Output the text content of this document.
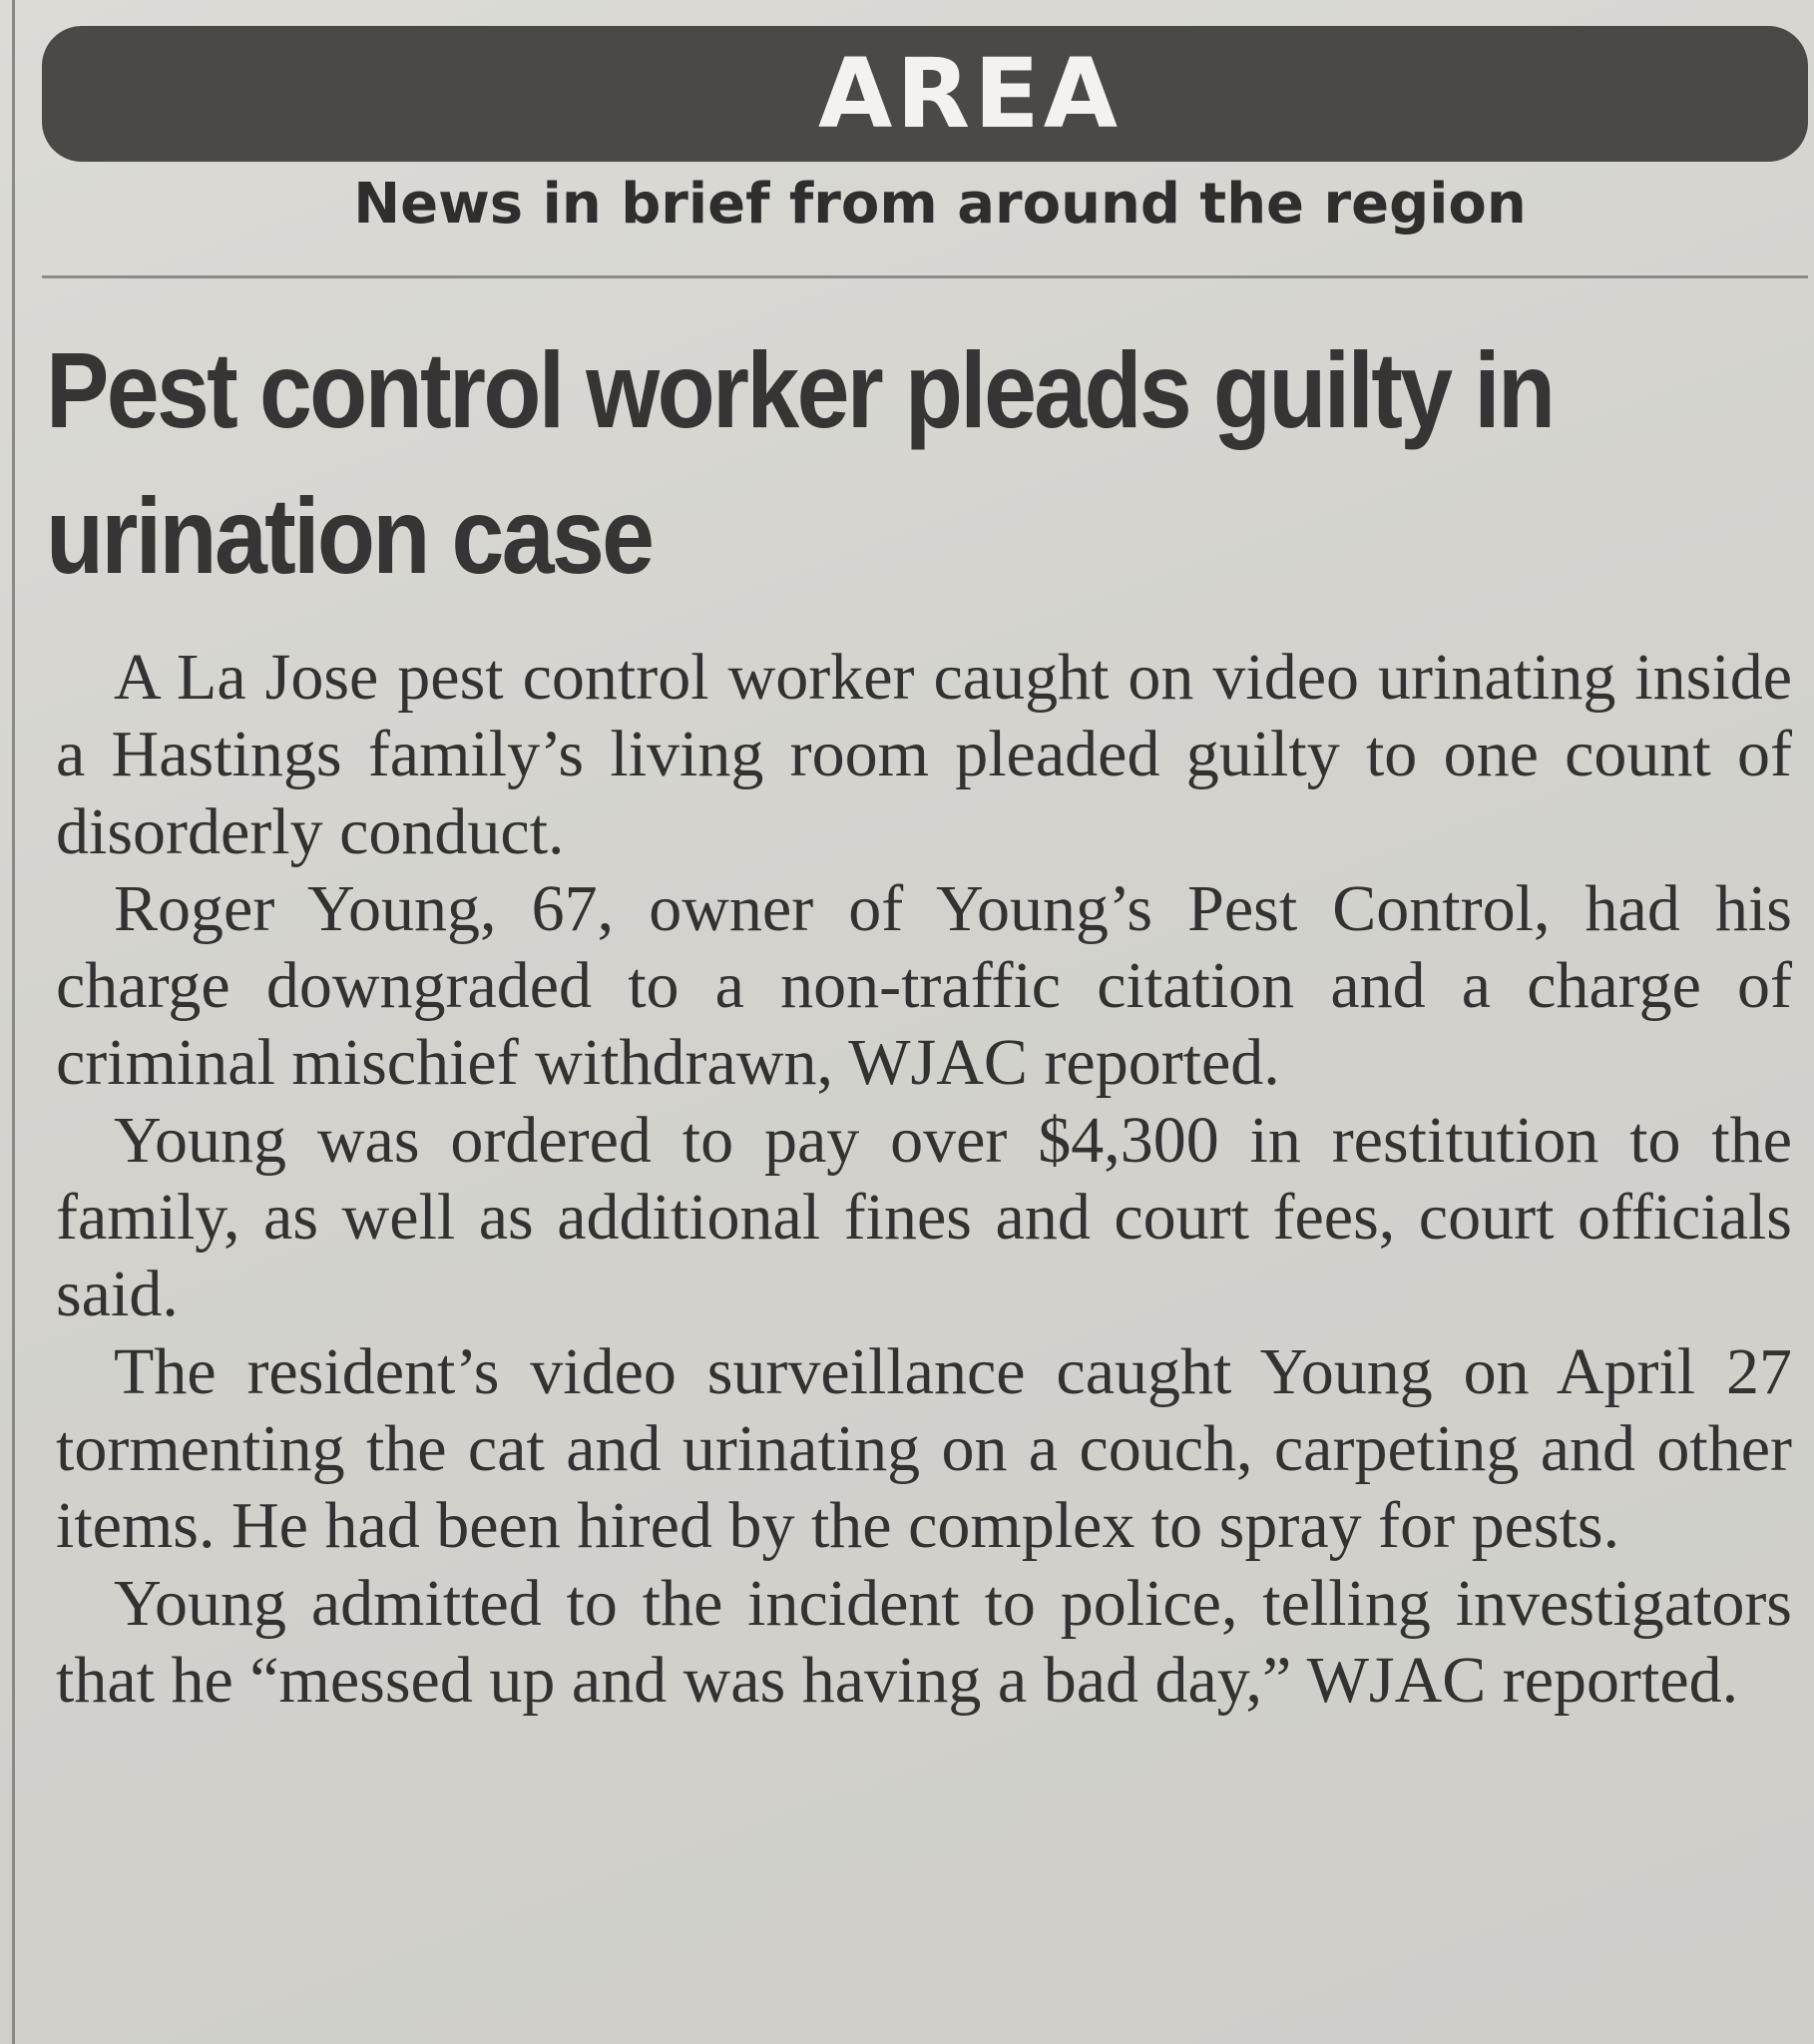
AREA
News in brief from around the region
Pest control worker pleads guilty in urination case

A La Jose pest control worker caught on video urinating inside a Hastings family’s living room pleaded guilty to one count of disorderly conduct.

Roger Young, 67, owner of Young’s Pest Control, had his charge downgraded to a non-traffic citation and a charge of criminal mischief withdrawn, WJAC reported.

Young was ordered to pay over $4,300 in restitution to the family, as well as additional fines and court fees, court officials said.

The resident’s video surveillance caught Young on April 27 tormenting the cat and urinating on a couch, carpeting and other items. He had been hired by the complex to spray for pests.

Young admitted to the incident to police, telling investigators that he “messed up and was having a bad day,” WJAC reported.
